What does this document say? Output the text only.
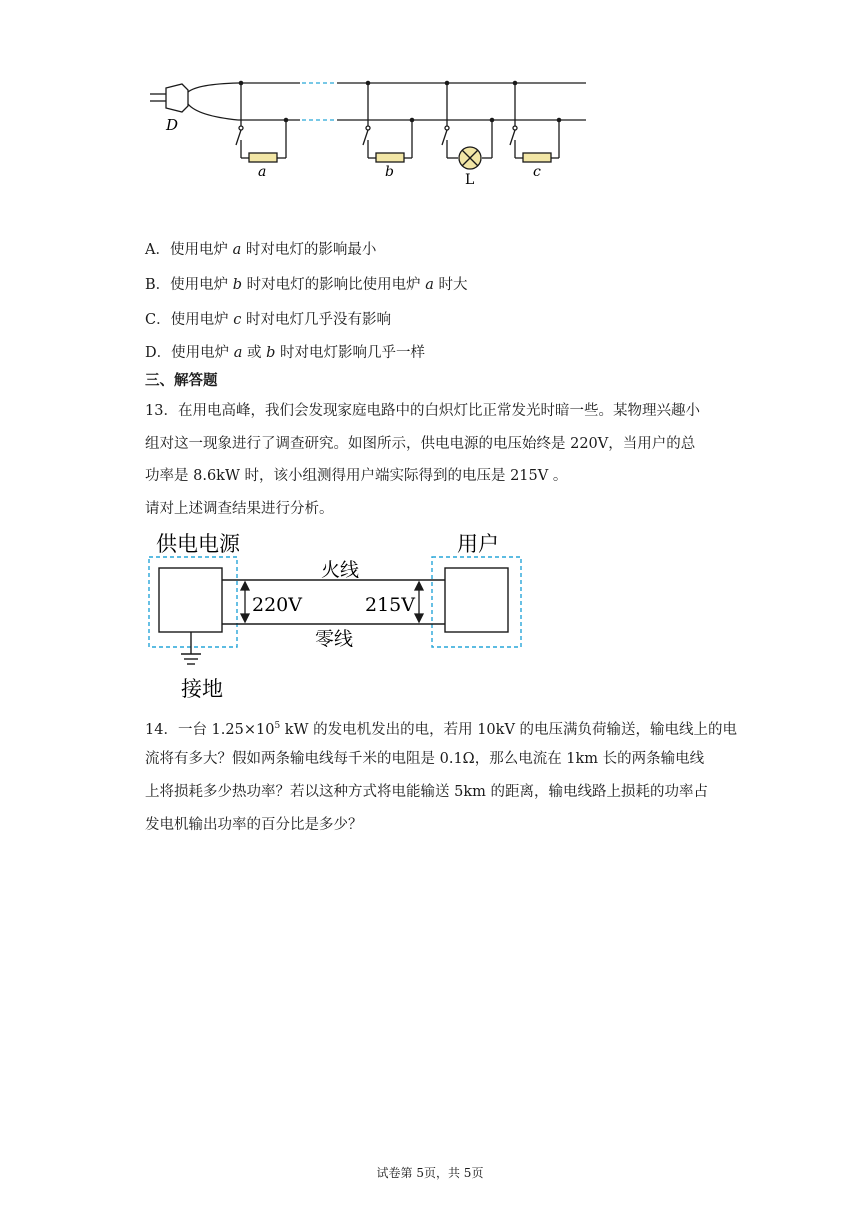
D
a	b	L	c
A．使用电炉 a 时对电灯的影响最小
B．使用电炉 b 时对电灯的影响比使用电炉 a 时大
C．使用电炉 c 时对电灯几乎没有影响
D．使用电炉 a 或 b 时对电灯影响几乎一样
三、解答题
13．在用电高峰，我们会发现家庭电路中的白炽灯比正常发光时暗一些。某物理兴趣小
组对这一现象进行了调查研究。如图所示，供电电源的电压始终是 220V，当用户的总
功率是 8.6kW 时，该小组测得用户端实际得到的电压是 215V 。
请对上述调查结果进行分析。
供电电源	用户
火线
零线
220V	215V
接地
14．一台 $1.25\times 10^5$ kW 的发电机发出的电，若用 10kV 的电压满负荷输送，输电线上的电
流将有多大？假如两条输电线每千米的电阻是 0.1Ω，那么电流在 1km 长的两条输电线
上将损耗多少热功率？若以这种方式将电能输送 5km 的距离，输电线路上损耗的功率占
发电机输出功率的百分比是多少？
试卷第 5页，共 5页
